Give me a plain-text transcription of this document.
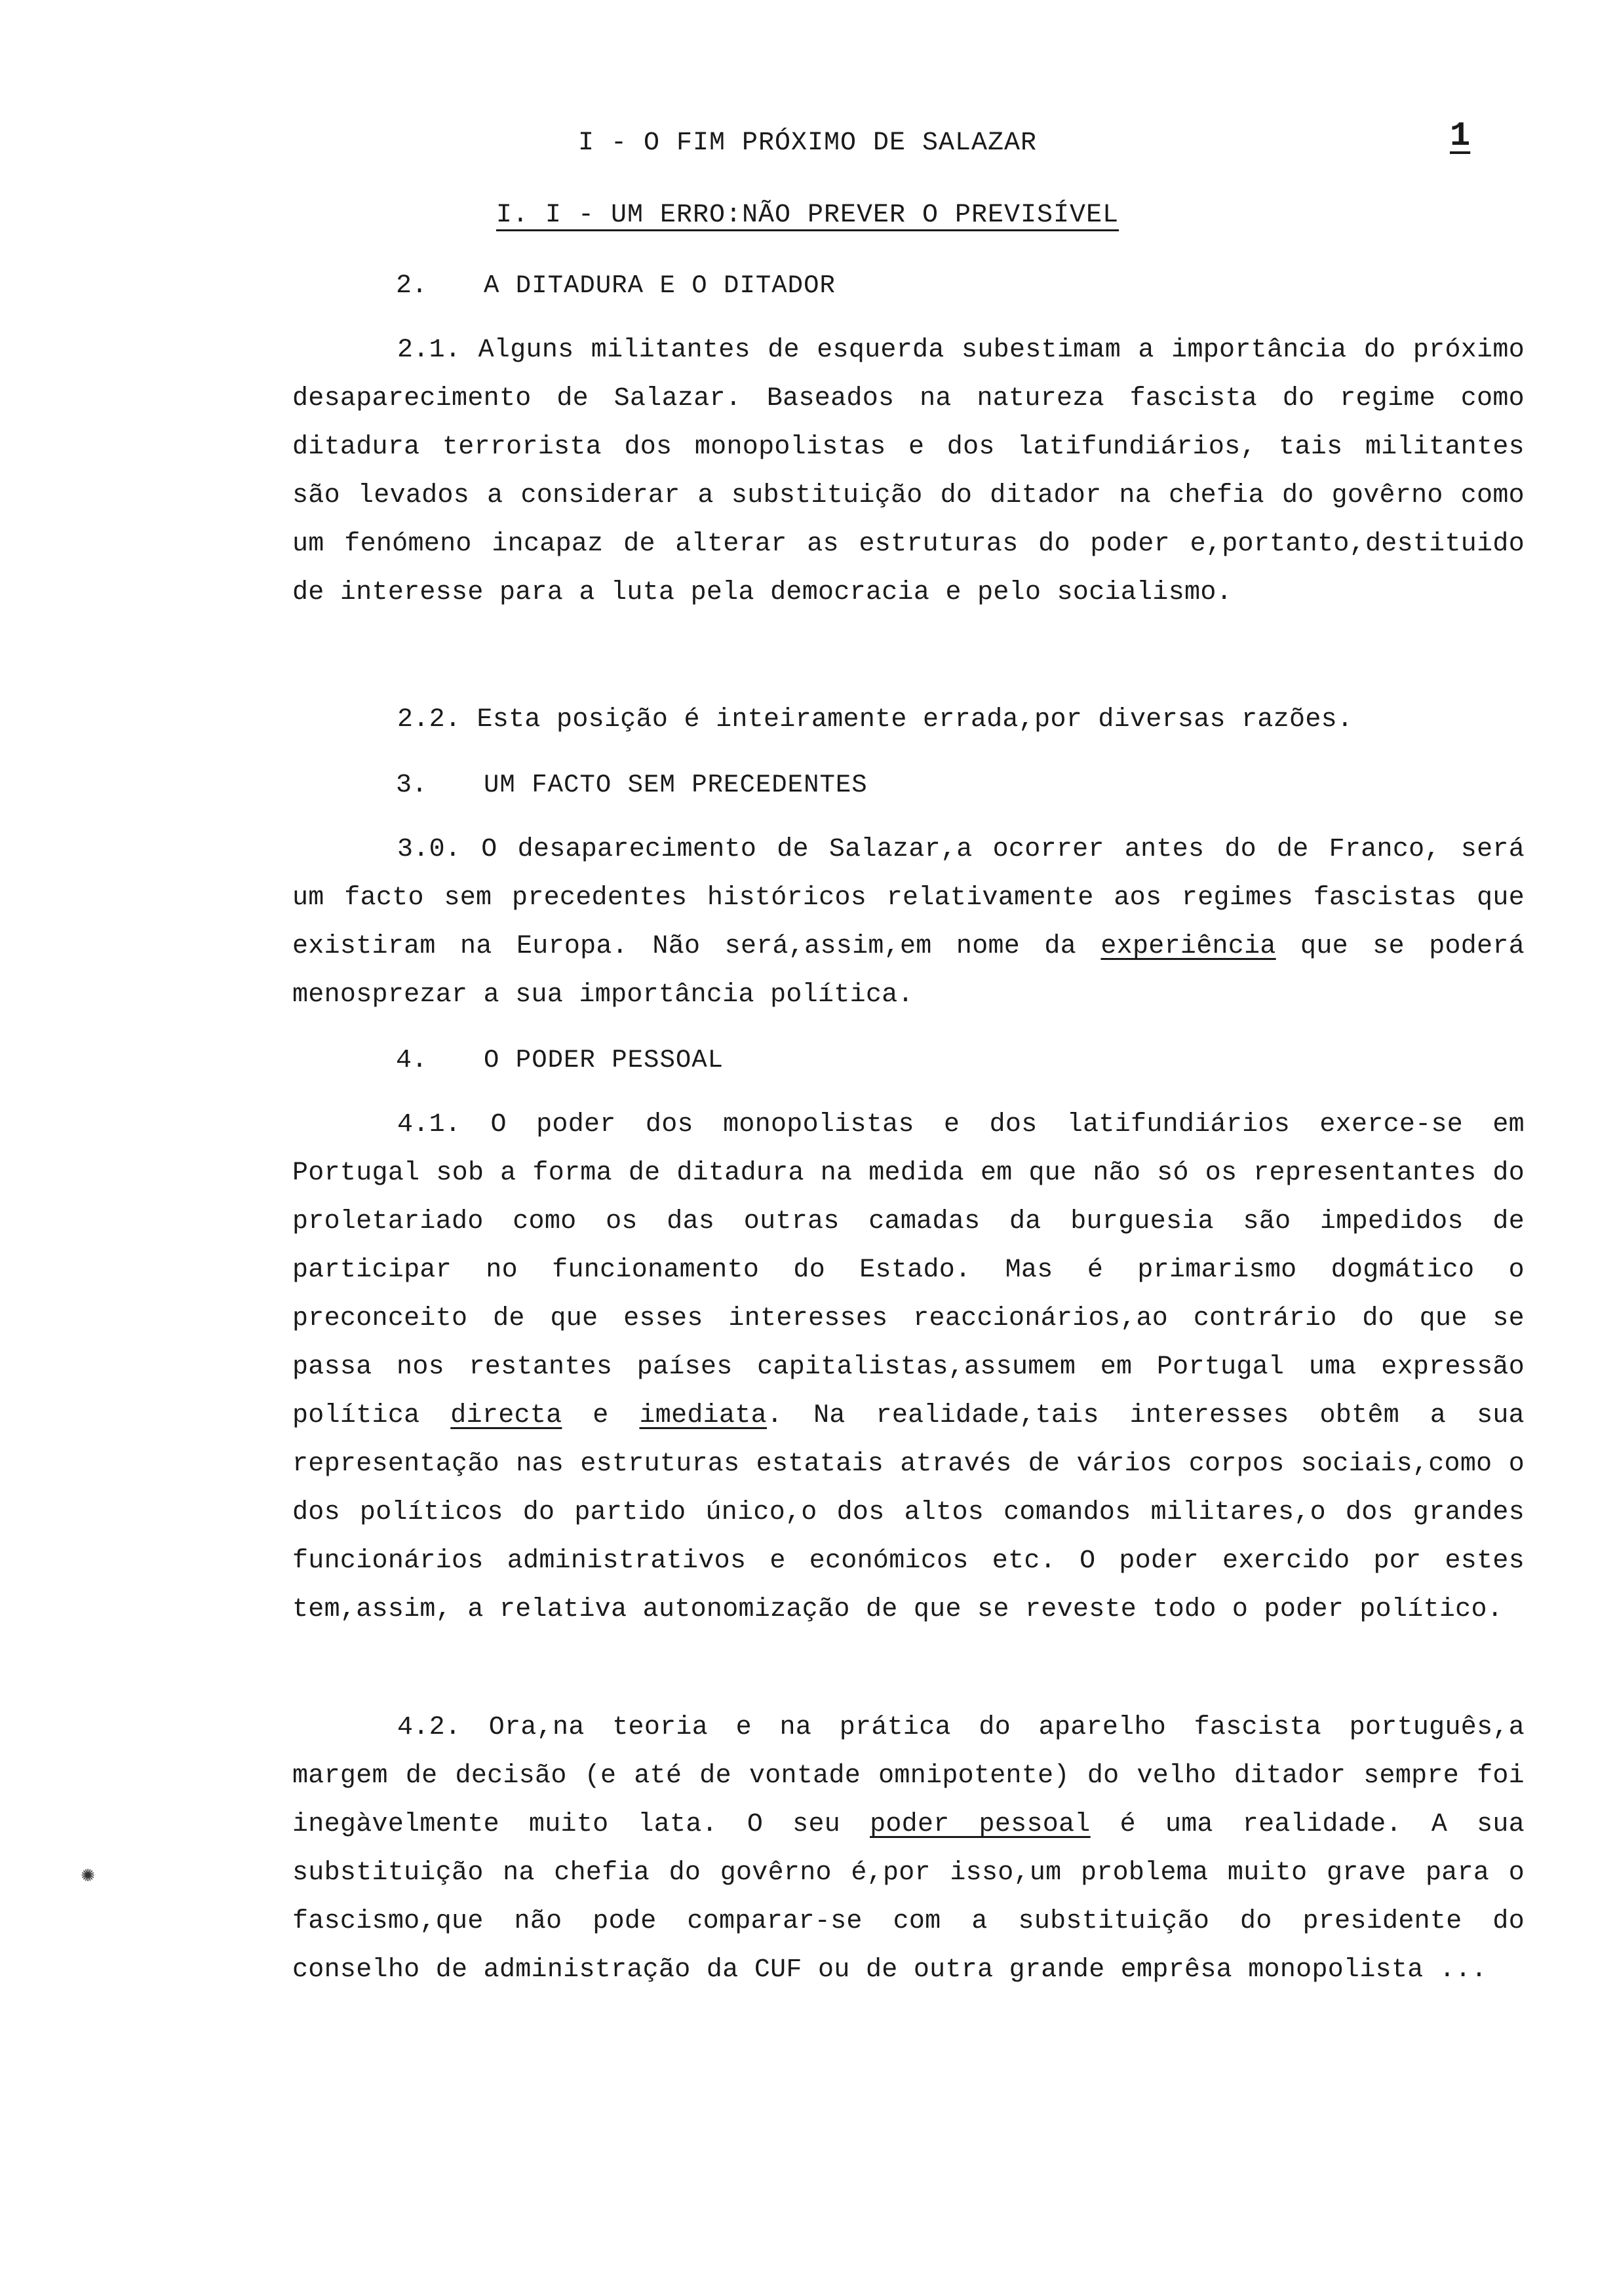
1
I - O FIM PRÓXIMO DE SALAZAR
I. I - UM ERRO:NÃO PREVER O PREVISÍVEL
2. A DITADURA E O DITADOR
2.1. Alguns militantes de esquerda subestimam a importância do próximo desaparecimento de Salazar. Baseados na natureza fascista do regime como ditadura terrorista dos monopolistas e dos latifundiários, tais militantes são levados a considerar a substituição do ditador na chefia do govêrno como um fenómeno incapaz de alterar as estruturas do poder e,portanto,destituido de interesse para a luta pela democracia e pelo socialismo.
2.2. Esta posição é inteiramente errada,por diversas razões.
3. UM FACTO SEM PRECEDENTES
3.0. O desaparecimento de Salazar,a ocorrer antes do de Franco, será um facto sem precedentes históricos relativamente aos regimes fascistas que existiram na Europa. Não será,assim,em nome da experiência que se poderá menosprezar a sua importância política.
4. O PODER PESSOAL
4.1. O poder dos monopolistas e dos latifundiários exerce-se em Portugal sob a forma de ditadura na medida em que não só os representantes do proletariado como os das outras camadas da burguesia são impedidos de participar no funcionamento do Estado. Mas é primarismo dogmático o preconceito de que esses interesses reaccionários,ao contrário do que se passa nos restantes países capitalistas,assumem em Portugal uma expressão política directa e imediata. Na realidade,tais interesses obtêm a sua representação nas estruturas estatais através de vários corpos sociais,como o dos políticos do partido único,o dos altos comandos militares,o dos grandes funcionários administrativos e económicos etc. O poder exercido por estes tem,assim, a relativa autonomização de que se reveste todo o poder político.
4.2. Ora,na teoria e na prática do aparelho fascista português,a margem de decisão (e até de vontade omnipotente) do velho ditador sempre foi inegàvelmente muito lata. O seu poder pessoal é uma realidade. A sua substituição na chefia do govêrno é,por isso,um problema muito grave para o fascismo,que não pode comparar-se com a substituição do presidente do conselho de administração da CUF ou de outra grande emprêsa monopolista ...
✺
